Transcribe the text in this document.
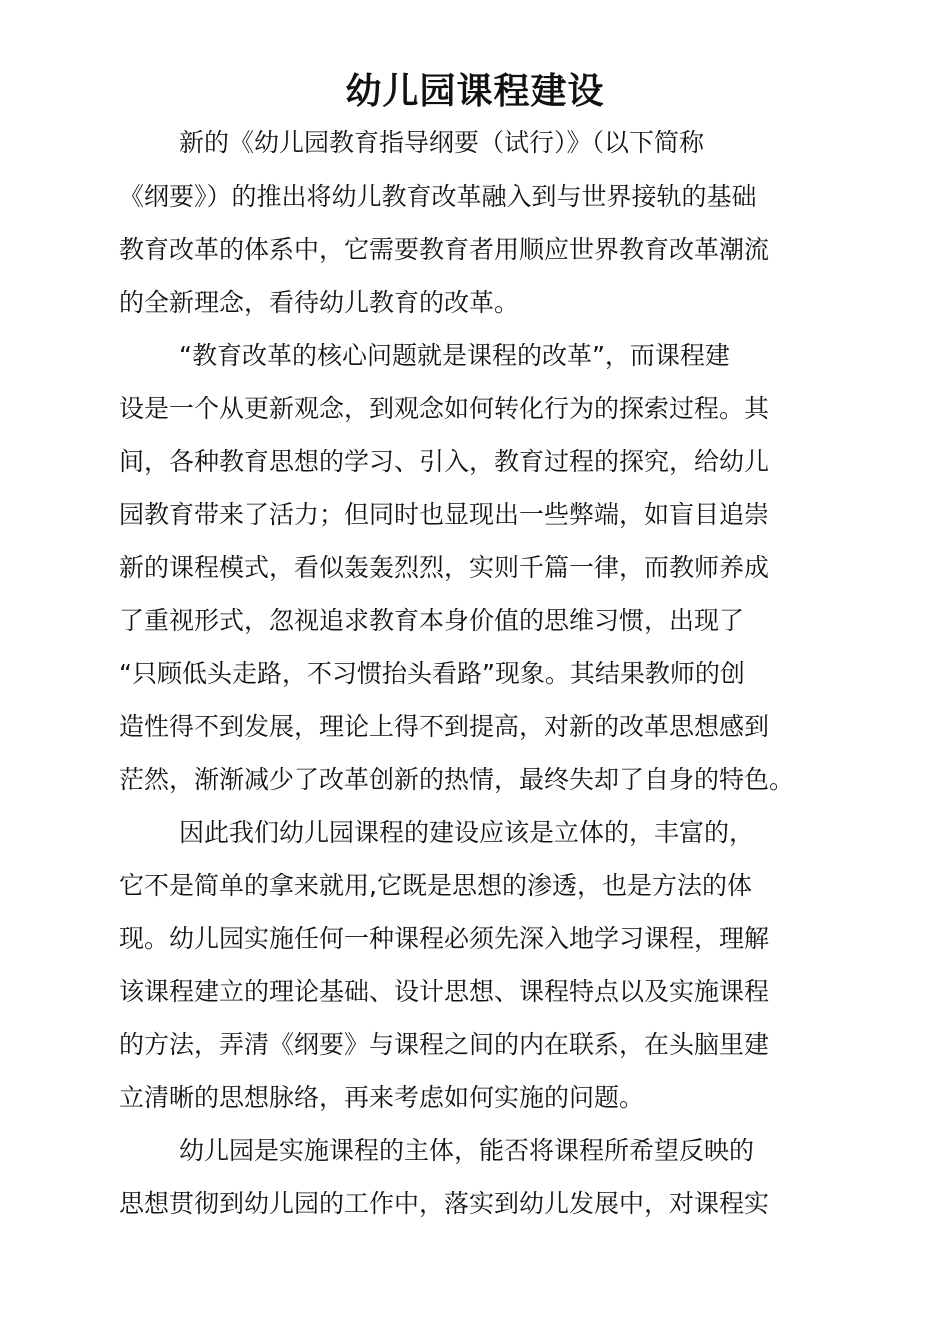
幼儿园课程建设
新的《幼儿园教育指导纲要（试行）》（以下简称
《纲要》）的推出将幼儿教育改革融入到与世界接轨的基础
教育改革的体系中，它需要教育者用顺应世界教育改革潮流
的全新理念，看待幼儿教育的改革。
“教育改革的核心问题就是课程的改革”，而课程建
设是一个从更新观念，到观念如何转化行为的探索过程。其
间，各种教育思想的学习、引入，教育过程的探究，给幼儿
园教育带来了活力；但同时也显现出一些弊端，如盲目追崇
新的课程模式，看似轰轰烈烈，实则千篇一律，而教师养成
了重视形式，忽视追求教育本身价值的思维习惯，出现了
“只顾低头走路，不习惯抬头看路”现象。其结果教师的创
造性得不到发展，理论上得不到提高，对新的改革思想感到
茫然，渐渐减少了改革创新的热情，最终失却了自身的特色。
因此我们幼儿园课程的建设应该是立体的，丰富的，
它不是简单的拿来就用,它既是思想的渗透，也是方法的体
现。幼儿园实施任何一种课程必须先深入地学习课程，理解
该课程建立的理论基础、设计思想、课程特点以及实施课程
的方法，弄清《纲要》与课程之间的内在联系，在头脑里建
立清晰的思想脉络，再来考虑如何实施的问题。
幼儿园是实施课程的主体，能否将课程所希望反映的
思想贯彻到幼儿园的工作中，落实到幼儿发展中，对课程实
